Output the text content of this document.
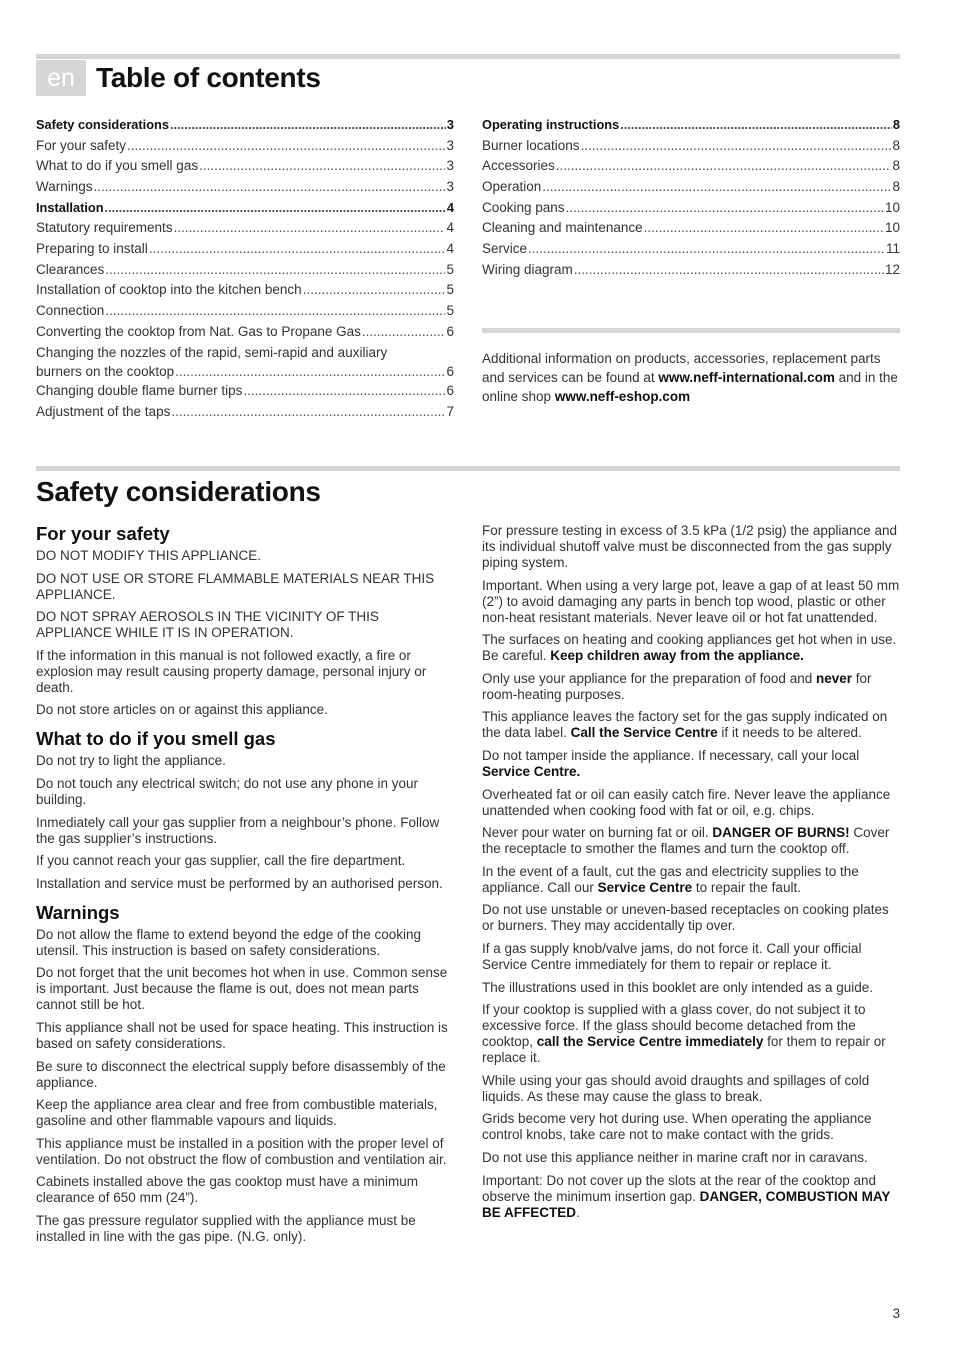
en Table of contents
Safety considerations .....	3
For your safety .....	3
What to do if you smell gas .....	3
Warnings .....	3
Installation .....	4
Statutory requirements .....	4
Preparing to install .....	4
Clearances .....	5
Installation of cooktop into the kitchen bench .....	5
Connection .....	5
Converting the cooktop from Nat. Gas to Propane Gas .....	6
Changing the nozzles of the rapid, semi-rapid and auxiliary
burners on the cooktop .....	6
Changing double flame burner tips .....	6
Adjustment of the taps .....	7
Operating instructions .....	8
Burner locations .....	8
Accessories .....	8
Operation .....	8
Cooking pans .....	10
Cleaning and maintenance .....	10
Service .....	11
Wiring diagram .....	12
Additional information on products, accessories, replacement parts and services can be found at www.neff-international.com and in the online shop www.neff-eshop.com
Safety considerations
For your safety

DO NOT MODIFY THIS APPLIANCE.

DO NOT USE OR STORE FLAMMABLE MATERIALS NEAR THIS APPLIANCE.

DO NOT SPRAY AEROSOLS IN THE VICINITY OF THIS APPLIANCE WHILE IT IS IN OPERATION.

If the information in this manual is not followed exactly, a fire or explosion may result causing property damage, personal injury or death.

Do not store articles on or against this appliance.

What to do if you smell gas

Do not try to light the appliance.

Do not touch any electrical switch; do not use any phone in your building.

Inmediately call your gas supplier from a neighbour’s phone. Follow the gas supplier’s instructions.

If you cannot reach your gas supplier, call the fire department.

Installation and service must be performed by an authorised person.

Warnings

Do not allow the flame to extend beyond the edge of the cooking utensil. This instruction is based on safety considerations.

Do not forget that the unit becomes hot when in use. Common sense is important. Just because the flame is out, does not mean parts cannot still be hot.

This appliance shall not be used for space heating. This instruction is based on safety considerations.

Be sure to disconnect the electrical supply before disassembly of the appliance.

Keep the appliance area clear and free from combustible materials, gasoline and other flammable vapours and liquids.

This appliance must be installed in a position with the proper level of ventilation. Do not obstruct the flow of combustion and ventilation air.

Cabinets installed above the gas cooktop must have a minimum clearance of 650 mm (24”).

The gas pressure regulator supplied with the appliance must be installed in line with the gas pipe. (N.G. only).

For pressure testing in excess of 3.5 kPa (1/2 psig) the appliance and its individual shutoff valve must be disconnected from the gas supply piping system.

Important. When using a very large pot, leave a gap of at least 50 mm (2”) to avoid damaging any parts in bench top wood, plastic or other non-heat resistant materials. Never leave oil or hot fat unattended.

The surfaces on heating and cooking appliances get hot when in use. Be careful. Keep children away from the appliance.

Only use your appliance for the preparation of food and never for room-heating purposes.

This appliance leaves the factory set for the gas supply indicated on the data label. Call the Service Centre if it needs to be altered.

Do not tamper inside the appliance. If necessary, call your local Service Centre.

Overheated fat or oil can easily catch fire. Never leave the appliance unattended when cooking food with fat or oil, e.g. chips.

Never pour water on burning fat or oil. DANGER OF BURNS! Cover the receptacle to smother the flames and turn the cooktop off.

In the event of a fault, cut the gas and electricity supplies to the appliance. Call our Service Centre to repair the fault.

Do not use unstable or uneven-based receptacles on cooking plates or burners. They may accidentally tip over.

If a gas supply knob/valve jams, do not force it. Call your official Service Centre immediately for them to repair or replace it.

The illustrations used in this booklet are only intended as a guide.

If your cooktop is supplied with a glass cover, do not subject it to excessive force. If the glass should become detached from the cooktop, call the Service Centre immediately for them to repair or replace it.

While using your gas should avoid draughts and spillages of cold liquids. As these may cause the glass to break.

Grids become very hot during use. When operating the appliance control knobs, take care not to make contact with the grids.

Do not use this appliance neither in marine craft nor in caravans.

Important: Do not cover up the slots at the rear of the cooktop and observe the minimum insertion gap. DANGER, COMBUSTION MAY BE AFFECTED.

3
